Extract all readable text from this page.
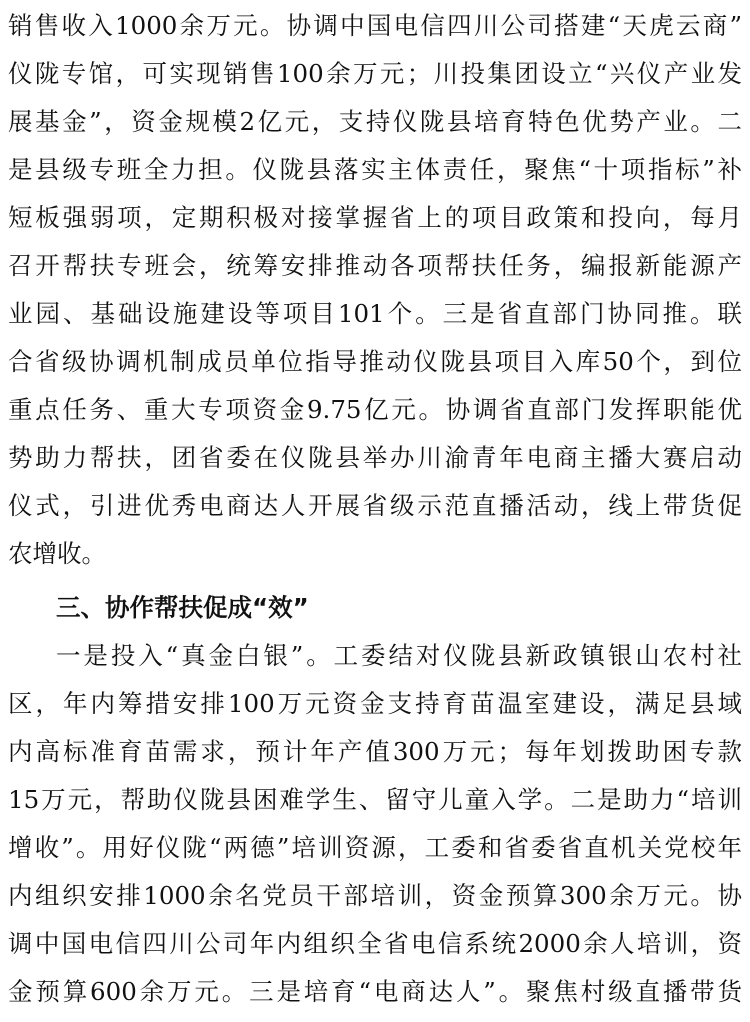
销售收入1000余万元。协调中国电信四川公司搭建“天虎云商”
仪陇专馆，可实现销售100余万元；川投集团设立“兴仪产业发
展基金”，资金规模2亿元，支持仪陇县培育特色优势产业。二
是县级专班全力担。仪陇县落实主体责任，聚焦“十项指标”补
短板强弱项，定期积极对接掌握省上的项目政策和投向，每月
召开帮扶专班会，统筹安排推动各项帮扶任务，编报新能源产
业园、基础设施建设等项目101个。三是省直部门协同推。联
合省级协调机制成员单位指导推动仪陇县项目入库50个，到位
重点任务、重大专项资金9.75亿元。协调省直部门发挥职能优
势助力帮扶，团省委在仪陇县举办川渝青年电商主播大赛启动
仪式，引进优秀电商达人开展省级示范直播活动，线上带货促
农增收。
三、协作帮扶促成“效”
一是投入“真金白银”。工委结对仪陇县新政镇银山农村社
区，年内筹措安排100万元资金支持育苗温室建设，满足县域
内高标准育苗需求，预计年产值300万元；每年划拨助困专款
15万元，帮助仪陇县困难学生、留守儿童入学。二是助力“培训
增收”。用好仪陇“两德”培训资源，工委和省委省直机关党校年
内组织安排1000余名党员干部培训，资金预算300余万元。协
调中国电信四川公司年内组织全省电信系统2000余人培训，资
金预算600余万元。三是培育“电商达人”。聚焦村级直播带货
